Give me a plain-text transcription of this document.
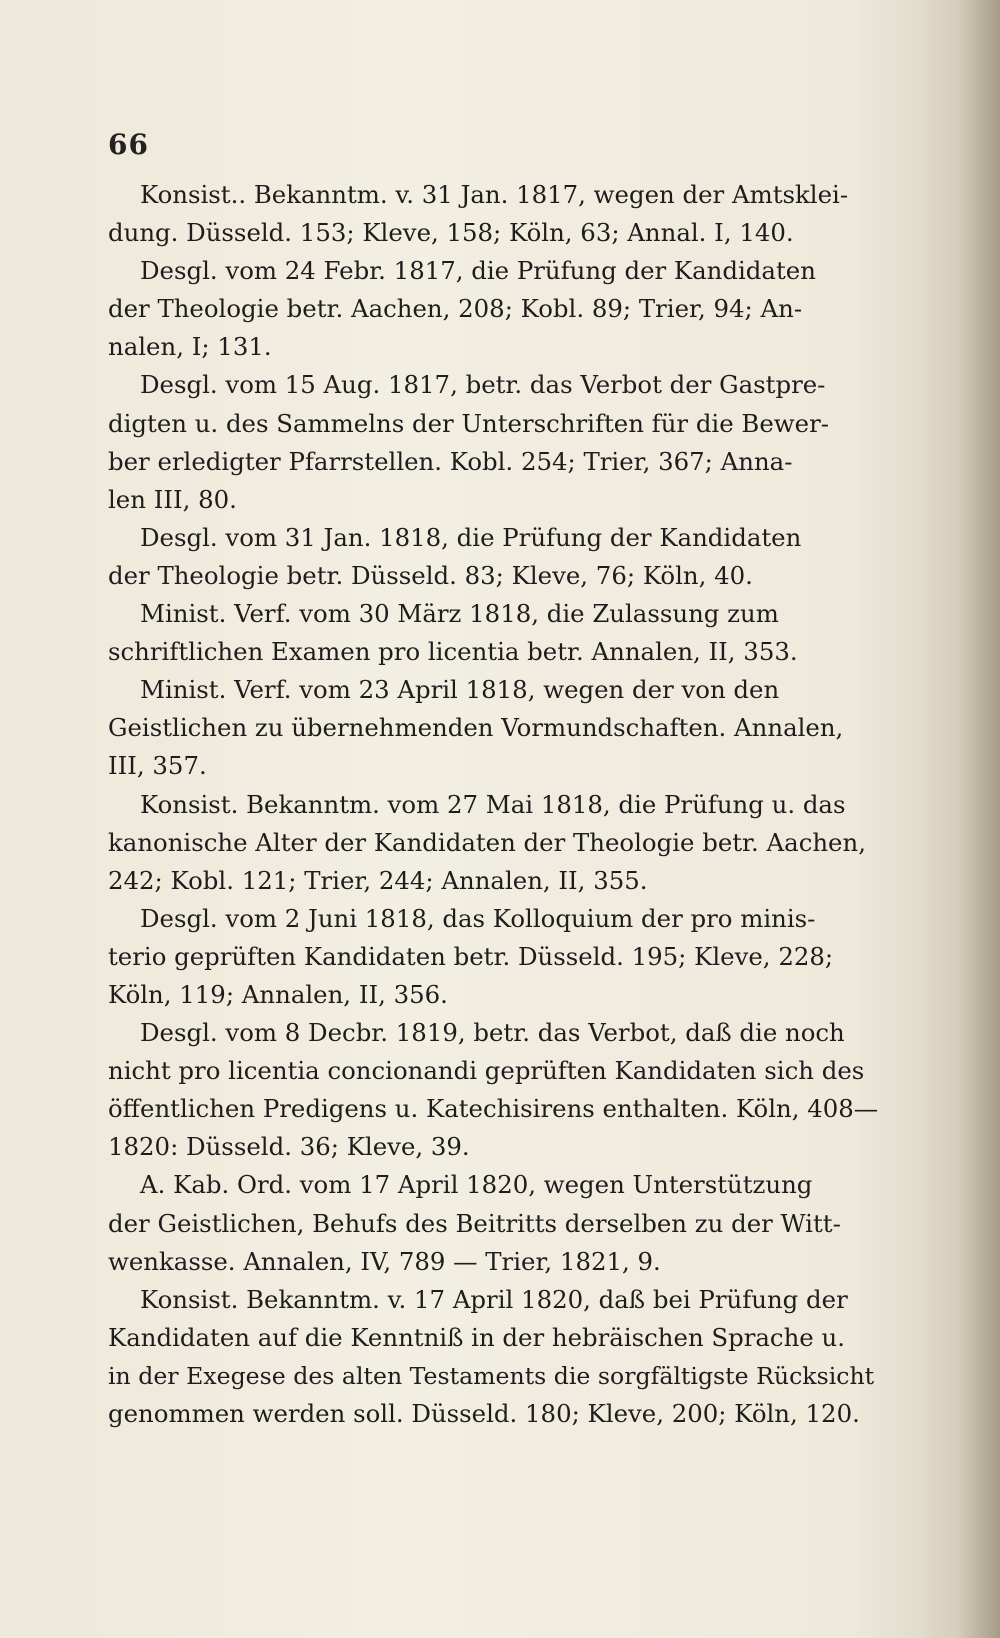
66
Konsist.. Bekanntm. v. 31 Jan. 1817, wegen der Amtsklei-
dung. Düsseld. 153; Kleve, 158; Köln, 63; Annal. I, 140.
Desgl. vom 24 Febr. 1817, die Prüfung der Kandidaten
der Theologie betr. Aachen, 208; Kobl. 89; Trier, 94; An-
nalen, I; 131.
Desgl. vom 15 Aug. 1817, betr. das Verbot der Gastpre-
digten u. des Sammelns der Unterschriften für die Bewer-
ber erledigter Pfarrstellen. Kobl. 254; Trier, 367; Anna-
len III, 80.
Desgl. vom 31 Jan. 1818, die Prüfung der Kandidaten
der Theologie betr. Düsseld. 83; Kleve, 76; Köln, 40.
Minist. Verf. vom 30 März 1818, die Zulassung zum
schriftlichen Examen pro licentia betr. Annalen, II, 353.
Minist. Verf. vom 23 April 1818, wegen der von den
Geistlichen zu übernehmenden Vormundschaften. Annalen,
III, 357.
Konsist. Bekanntm. vom 27 Mai 1818, die Prüfung u. das
kanonische Alter der Kandidaten der Theologie betr. Aachen,
242; Kobl. 121; Trier, 244; Annalen, II, 355.
Desgl. vom 2 Juni 1818, das Kolloquium der pro minis-
terio geprüften Kandidaten betr. Düsseld. 195; Kleve, 228;
Köln, 119; Annalen, II, 356.
Desgl. vom 8 Decbr. 1819, betr. das Verbot, daß die noch
nicht pro licentia concionandi geprüften Kandidaten sich des
öffentlichen Predigens u. Katechisirens enthalten. Köln, 408—
1820: Düsseld. 36; Kleve, 39.
A. Kab. Ord. vom 17 April 1820, wegen Unterstützung
der Geistlichen, Behufs des Beitritts derselben zu der Witt-
wenkasse. Annalen, IV, 789 — Trier, 1821, 9.
Konsist. Bekanntm. v. 17 April 1820, daß bei Prüfung der
Kandidaten auf die Kenntniß in der hebräischen Sprache u.
in der Exegese des alten Testaments die sorgfältigste Rücksicht
genommen werden soll. Düsseld. 180; Kleve, 200; Köln, 120.
